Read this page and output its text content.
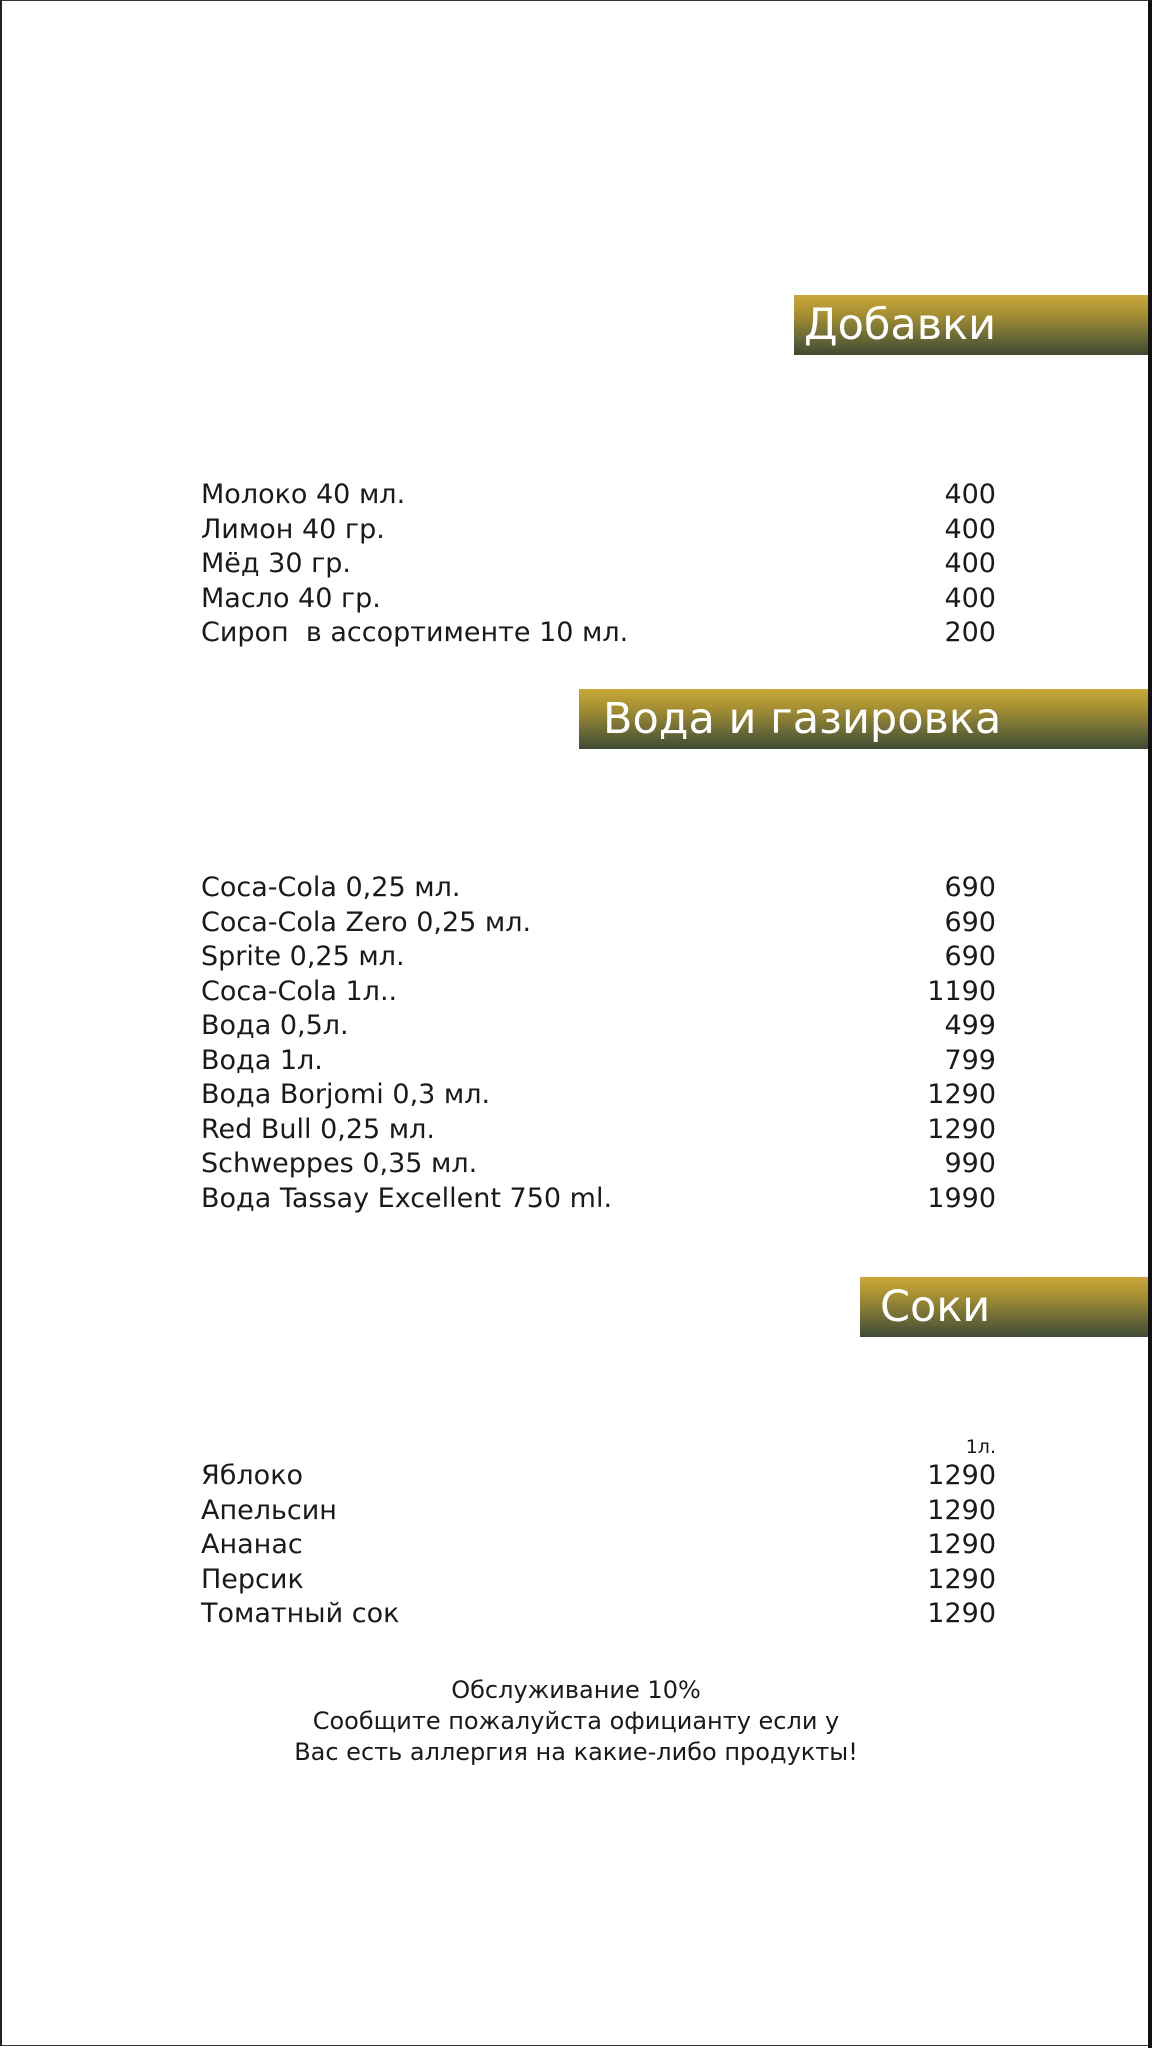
Добавки
Молоко 40 мл.	400
Лимон 40 гр.	400
Мёд 30 гр.	400
Масло 40 гр.	400
Сироп  в ассортименте 10 мл.	200
Вода и газировка
Coca-Cola 0,25 мл.	690
Coca-Cola Zero 0,25 мл.	690
Sprite 0,25 мл.	690
Coca-Cola 1л..	1190
Вода 0,5л.	499
Вода 1л.	799
Вода Borjomi 0,3 мл.	1290
Red Bull 0,25 мл.	1290
Schweppes 0,35 мл.	990
Вода Tassay Excellent 750 ml.	1990
Соки
1л.
Яблоко	1290
Апельсин	1290
Ананас	1290
Персик	1290
Томатный сок	1290
Обслуживание 10%
Сообщите пожалуйста официанту если у
Вас есть аллергия на какие-либо продукты!
